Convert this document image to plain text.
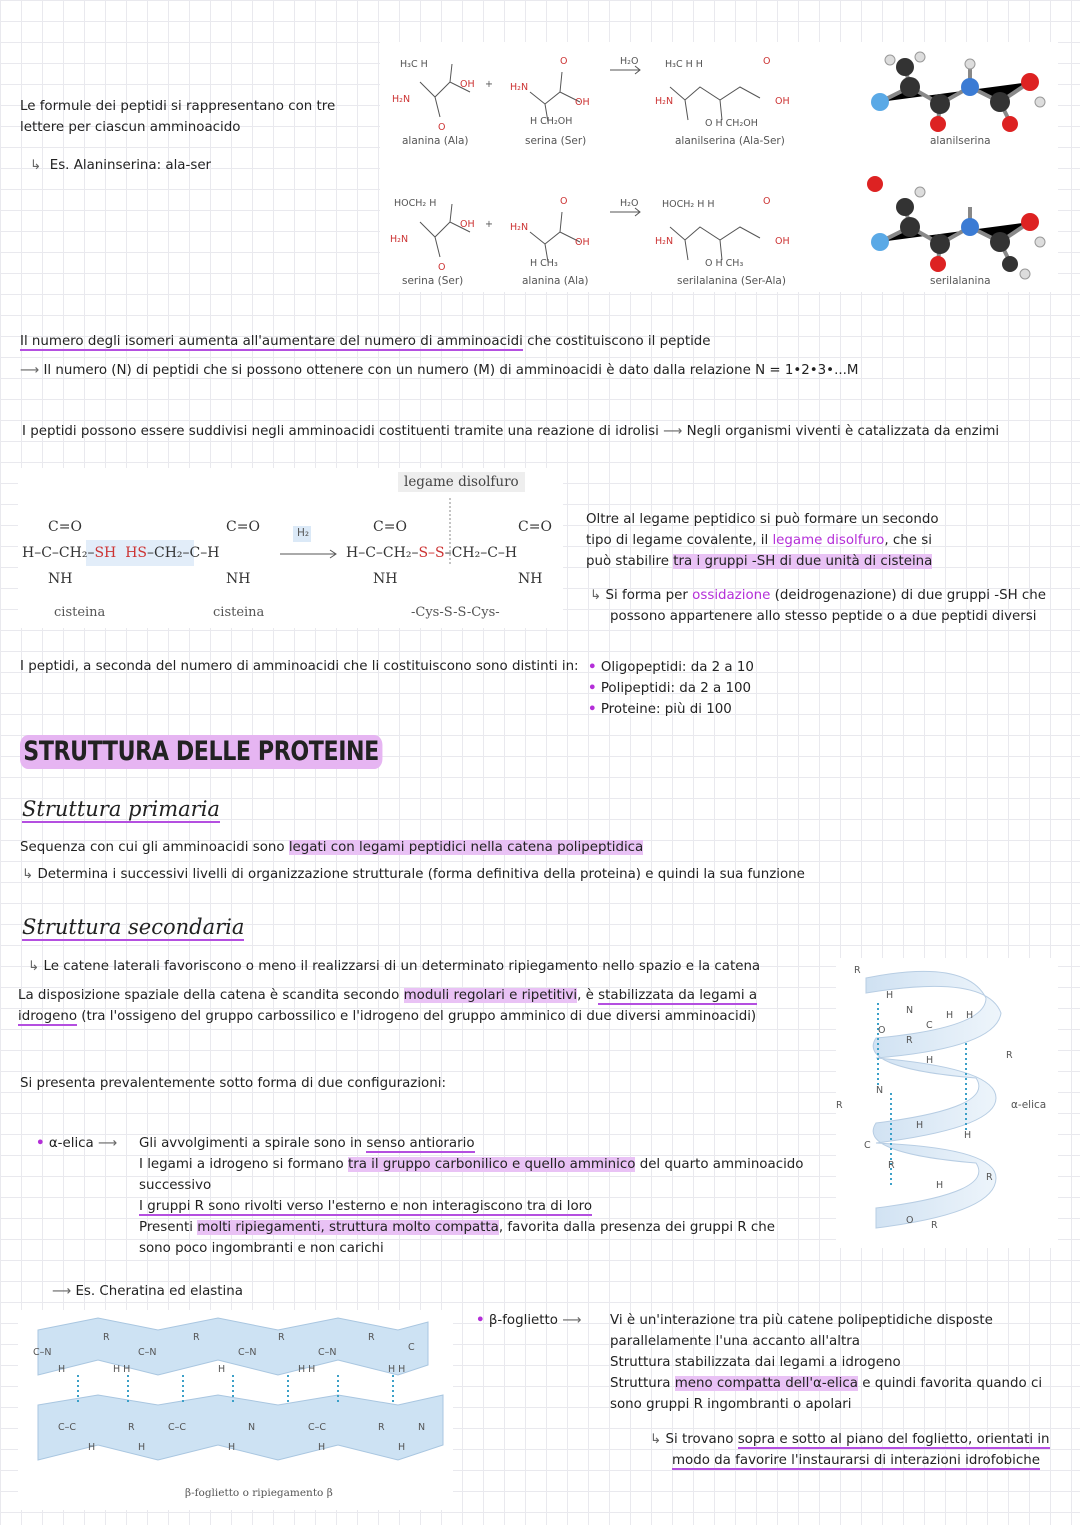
Le formule dei peptidi si rappresentano con tre
lettere per ciascun amminoacido
↳ Es. Alaninserina: ala-ser
H₃C H
H₂N
OH
O
+ H₂N
O
OH
H CH₂OH
H₂O	H₃C H H
H₂N
O
OH
O H CH₂OH
HOCH₂ H
H₂N
OH
O
+ H₂N
O
OH
H CH₃
H₂O HOCH₂ H H
H₂N
O
OH
O H CH₃
alanina (Ala)	serina (Ser)	alanilserina (Ala-Ser)	alanilserina
serina (Ser)	alanina (Ala)	serilalanina (Ser-Ala)	serilalanina
Il numero degli isomeri aumenta all'aumentare del numero di amminoacidi che costituiscono il peptide
⟶ Il numero (N) di peptidi che si possono ottenere con un numero (M) di amminoacidi è dato dalla relazione N = 1•2•3•...M
I peptidi possono essere suddivisi negli amminoacidi costituenti tramite una reazione di idrolisi ⟶ Negli organismi viventi è catalizzata da enzimi
legame disolfuro
C=O
H–C–CH₂–SH HS–CH₂–C–H
C=O
NH	NH
H₂	C=O	C=O
H–C–CH₂–S–S–CH₂–C–H
NH	NH
cisteina	cisteina	-Cys-S-S-Cys-
Oltre al legame peptidico si può formare un secondo
tipo di legame covalente, il legame disolfuro, che si
può stabilire tra i gruppi -SH di due unità di cisteina
↳ Si forma per ossidazione (deidrogenazione) di due gruppi -SH che
possono appartenere allo stesso peptide o a due peptidi diversi
I peptidi, a seconda del numero di amminoacidi che li costituiscono sono distinti in: • Oligopeptidi: da 2 a 10
• Polipeptidi: da 2 a 100
• Proteine: più di 100
STRUTTURA DELLE PROTEINE
Struttura primaria
Sequenza con cui gli amminoacidi sono legati con legami peptidici nella catena polipeptidica
↳ Determina i successivi livelli di organizzazione strutturale (forma definitiva della proteina) e quindi la sua funzione
Struttura secondaria
↳ Le catene laterali favoriscono o meno il realizzarsi di un determinato ripiegamento nello spazio e la catena
La disposizione spaziale della catena è scandita secondo moduli regolari e ripetitivi, è stabilizzata da legami a
idrogeno (tra l'ossigeno del gruppo carbossilico e l'idrogeno del gruppo amminico di due diversi amminoacidi)
Si presenta prevalentemente sotto forma di due configurazioni:
R
H
N
C
H H
O
R
R
H
R
N
H
H
C
R
R
H
O R
α-elica
• α-elica ⟶ Gli avvolgimenti a spirale sono in senso antiorario
I legami a idrogeno si formano tra il gruppo carbonilico e quello amminico del quarto amminoacido
successivo
I gruppi R sono rivolti verso l'esterno e non interagiscono tra di loro
Presenti molti ripiegamenti, struttura molto compatta, favorita dalla presenza dei gruppi R che
sono poco ingombranti e non carichi
⟶ Es. Cheratina ed elastina
C–N
R
C–N
R
C–N
R
C–N
R
C
H	H H	H	H H	H H
C–C	R	C–C	N	C–C	R	N
H	H	H	H	H
β-foglietto o ripiegamento β
• β-foglietto ⟶ Vi è un'interazione tra più catene polipeptidiche disposte
parallelamente l'una accanto all'altra
Struttura stabilizzata dai legami a idrogeno
Struttura meno compatta dell'α-elica e quindi favorita quando ci
sono gruppi R ingombranti o apolari
↳ Si trovano sopra e sotto al piano del foglietto, orientati in
modo da favorire l'instaurarsi di interazioni idrofobiche
